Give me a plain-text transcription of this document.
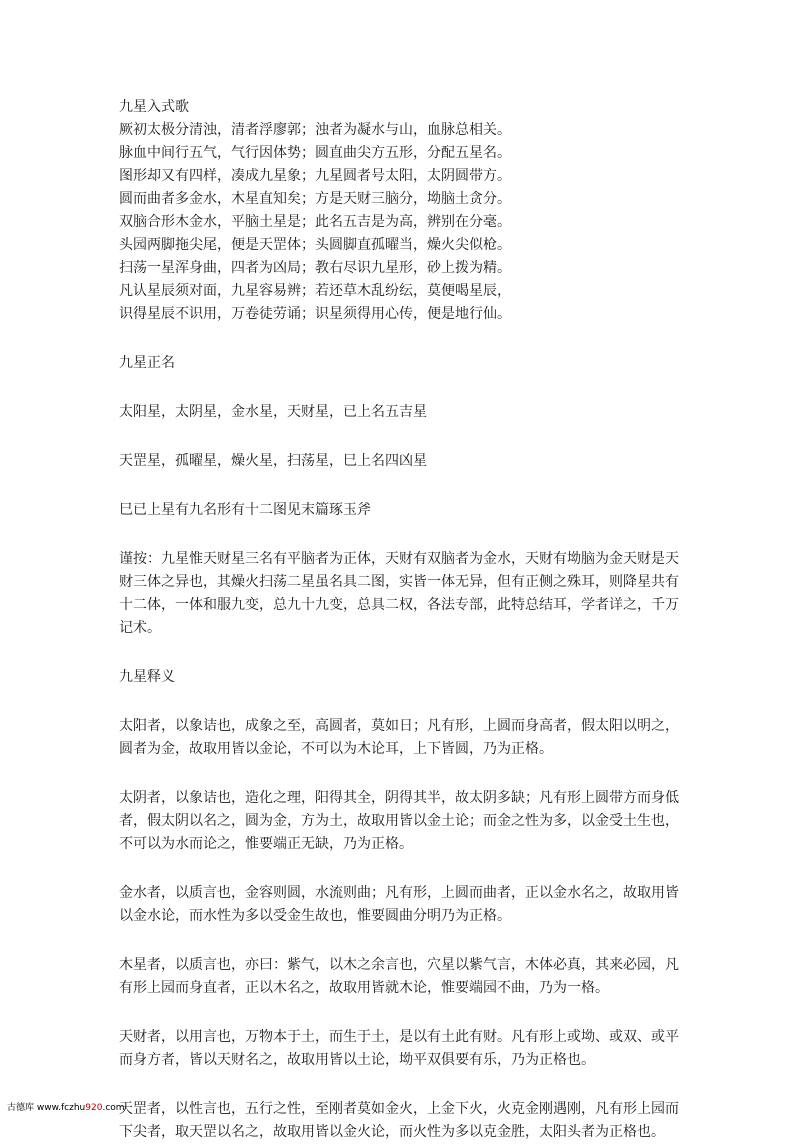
九星入式歌

厥初太极分清浊，清者浮廖郭；浊者为凝水与山，血脉总相关。

脉血中间行五气，气行因体势；圆直曲尖方五形，分配五星名。

图形却又有四样，凑成九星象；九星圆者号太阳，太阴圆带方。

圆而曲者多金水，木星直知矣；方是天财三脑分，坳脑土贪分。

双脑合形木金水，平脑土星是；此名五吉是为高，辨别在分毫。

头园两脚拖尖尾，便是天罡体；头圆脚直孤曜当，燥火尖似枪。

扫荡一星浑身曲，四者为凶局；教右尽识九星形，砂上拨为精。

凡认星辰须对面，九星容易辨；若还草木乱纷纭，莫便喝星辰，

识得星辰不识用，万卷徒劳诵；识星须得用心传，便是地行仙。

九星正名

太阳星，太阴星，金水星，天财星，已上名五吉星

天罡星，孤曜星，燥火星，扫荡星，巳上名四凶星

巳已上星有九名形有十二图见末篇琢玉斧

谨按：九星惟天财星三名有平脑者为正体，天财有双脑者为金水，天财有坳脑为金天财是天财三体之异也，其燥火扫荡二星虽名具二图，实皆一体无异，但有正侧之殊耳，则降星共有十二体，一体和服九变，总九十九变，总具二权，各法专部，此特总结耳，学者详之，千万记术。

九星释义

太阳者，以象诘也，成象之至，高圆者，莫如日；凡有形，上圆而身高者，假太阳以明之，圆者为金，故取用皆以金论，不可以为木论耳，上下皆圆，乃为正格。

太阴者，以象诘也，造化之理，阳得其全，阴得其半，故太阴多缺；凡有形上圆带方而身低者，假太阴以名之，圆为金，方为土，故取用皆以金土论；而金之性为多，以金受土生也，不可以为水而论之，惟要端正无缺，乃为正格。

金水者，以质言也，金容则圆，水流则曲；凡有形，上圆而曲者，正以金水名之，故取用皆以金水论，而水性为多以受金生故也，惟要圆曲分明乃为正格。

木星者，以质言也，亦曰：紫气，以木之余言也，穴星以紫气言，木体必真，其来必园，凡有形上园而身直者，正以木名之，故取用皆就木论，惟要端园不曲，乃为一格。

天财者，以用言也，万物本于土，而生于土，是以有土此有财。凡有形上或坳、或双、或平而身方者，皆以天财名之，故取用皆以土论，坳平双俱要有乐，乃为正格也。

天罡者，以性言也，五行之性，至刚者莫如金火，上金下火，火克金刚遇刚，凡有形上园而下尖者，取天罡以名之，故取用皆以金火论，而火性为多以克金胜，太阳头者为正格也。

古德库 www.fczhu920.com
